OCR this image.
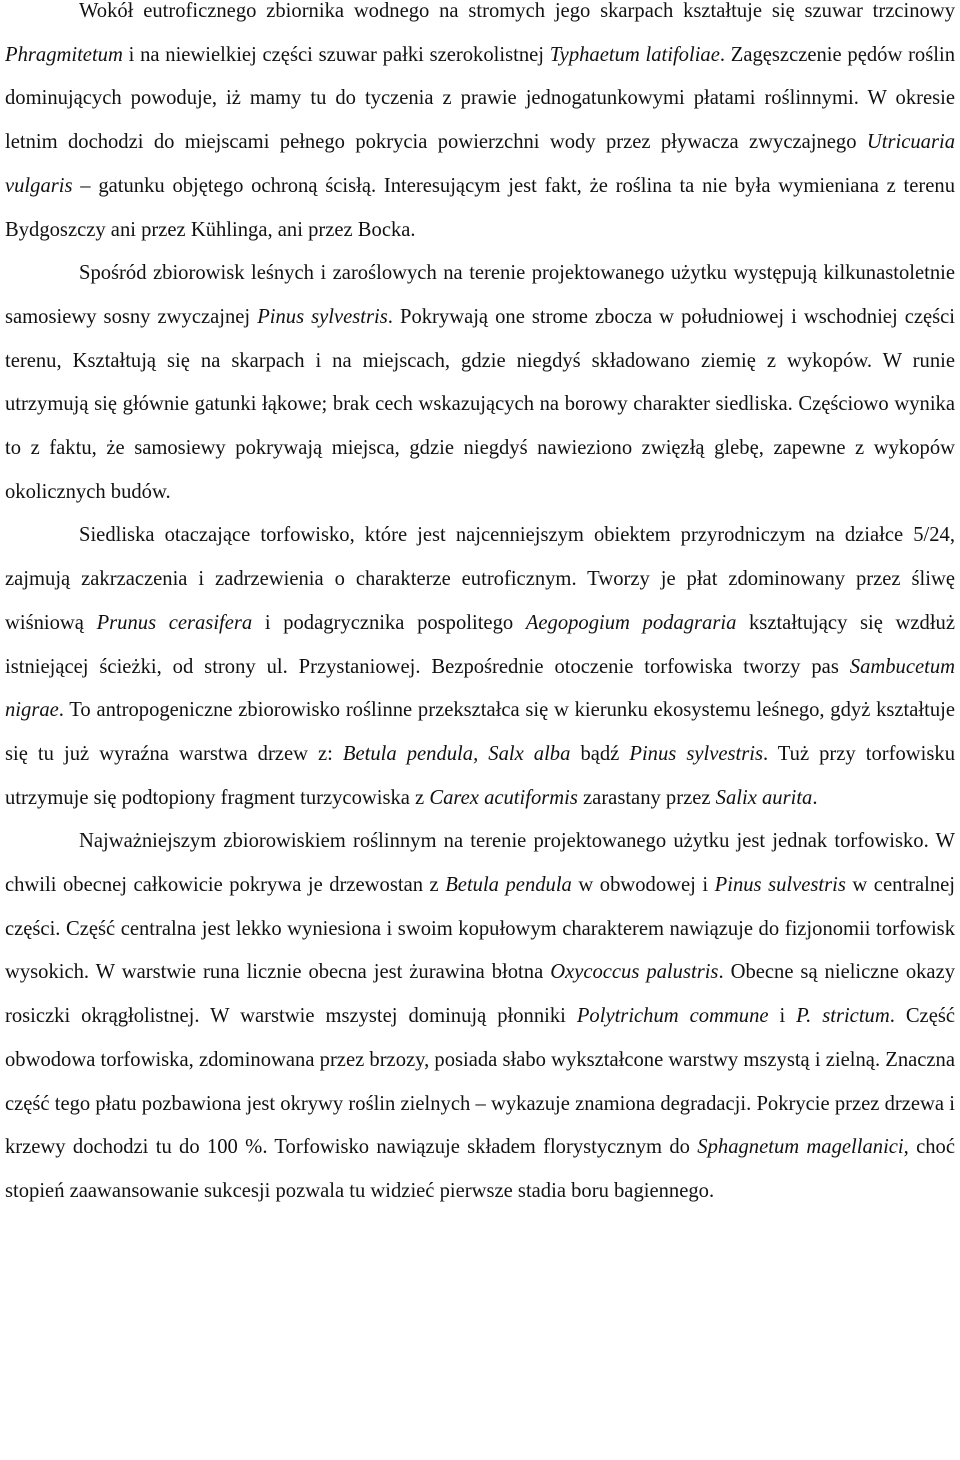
Wokół eutroficznego zbiornika wodnego na stromych jego skarpach kształtuje się szuwar trzcinowy Phragmitetum i na niewielkiej części szuwar pałki szerokolistnej Typhaetum latifoliae. Zagęszczenie pędów roślin dominujących powoduje, iż mamy tu do tyczenia z prawie jednogatunkowymi płatami roślinnymi. W okresie letnim dochodzi do miejscami pełnego pokrycia powierzchni wody przez pływacza zwyczajnego Utricuaria vulgaris – gatunku objętego ochroną ścisłą. Interesującym jest fakt, że roślina ta nie była wymieniana z terenu Bydgoszczy ani przez Kühlinga, ani przez Bocka.

Spośród zbiorowisk leśnych i zaroślowych na terenie projektowanego użytku występują kilkunastoletnie samosiewy sosny zwyczajnej Pinus sylvestris. Pokrywają one strome zbocza w południowej i wschodniej części terenu, Kształtują się na skarpach i na miejscach, gdzie niegdyś składowano ziemię z wykopów. W runie utrzymują się głównie gatunki łąkowe; brak cech wskazujących na borowy charakter siedliska. Częściowo wynika to z faktu, że samosiewy pokrywają miejsca, gdzie niegdyś nawieziono zwięzłą glebę, zapewne z wykopów okolicznych budów.

Siedliska otaczające torfowisko, które jest najcenniejszym obiektem przyrodniczym na działce 5/24, zajmują zakrzaczenia i zadrzewienia o charakterze eutroficznym. Tworzy je płat zdominowany przez śliwę wiśniową Prunus cerasifera i podagrycznika pospolitego Aegopogium podagraria kształtujący się wzdłuż istniejącej ścieżki, od strony ul. Przystaniowej. Bezpośrednie otoczenie torfowiska tworzy pas Sambucetum nigrae. To antropogeniczne zbiorowisko roślinne przekształca się w kierunku ekosystemu leśnego, gdyż kształtuje się tu już wyraźna warstwa drzew z: Betula pendula, Salx alba bądź Pinus sylvestris. Tuż przy torfowisku utrzymuje się podtopiony fragment turzycowiska z Carex acutiformis zarastany przez Salix aurita.

Najważniejszym zbiorowiskiem roślinnym na terenie projektowanego użytku jest jednak torfowisko. W chwili obecnej całkowicie pokrywa je drzewostan z Betula pendula w obwodowej i Pinus sulvestris w centralnej części. Część centralna jest lekko wyniesiona i swoim kopułowym charakterem nawiązuje do fizjonomii torfowisk wysokich. W warstwie runa licznie obecna jest żurawina błotna Oxycoccus palustris. Obecne są nieliczne okazy rosiczki okrągłolistnej. W warstwie mszystej dominują płonniki Polytrichum commune i P. strictum. Część obwodowa torfowiska, zdominowana przez brzozy, posiada słabo wykształcone warstwy mszystą i zielną. Znaczna część tego płatu pozbawiona jest okrywy roślin zielnych – wykazuje znamiona degradacji. Pokrycie przez drzewa i krzewy dochodzi tu do 100 %. Torfowisko nawiązuje składem florystycznym do Sphagnetum magellanici, choć stopień zaawansowanie sukcesji pozwala tu widzieć pierwsze stadia boru bagiennego.
